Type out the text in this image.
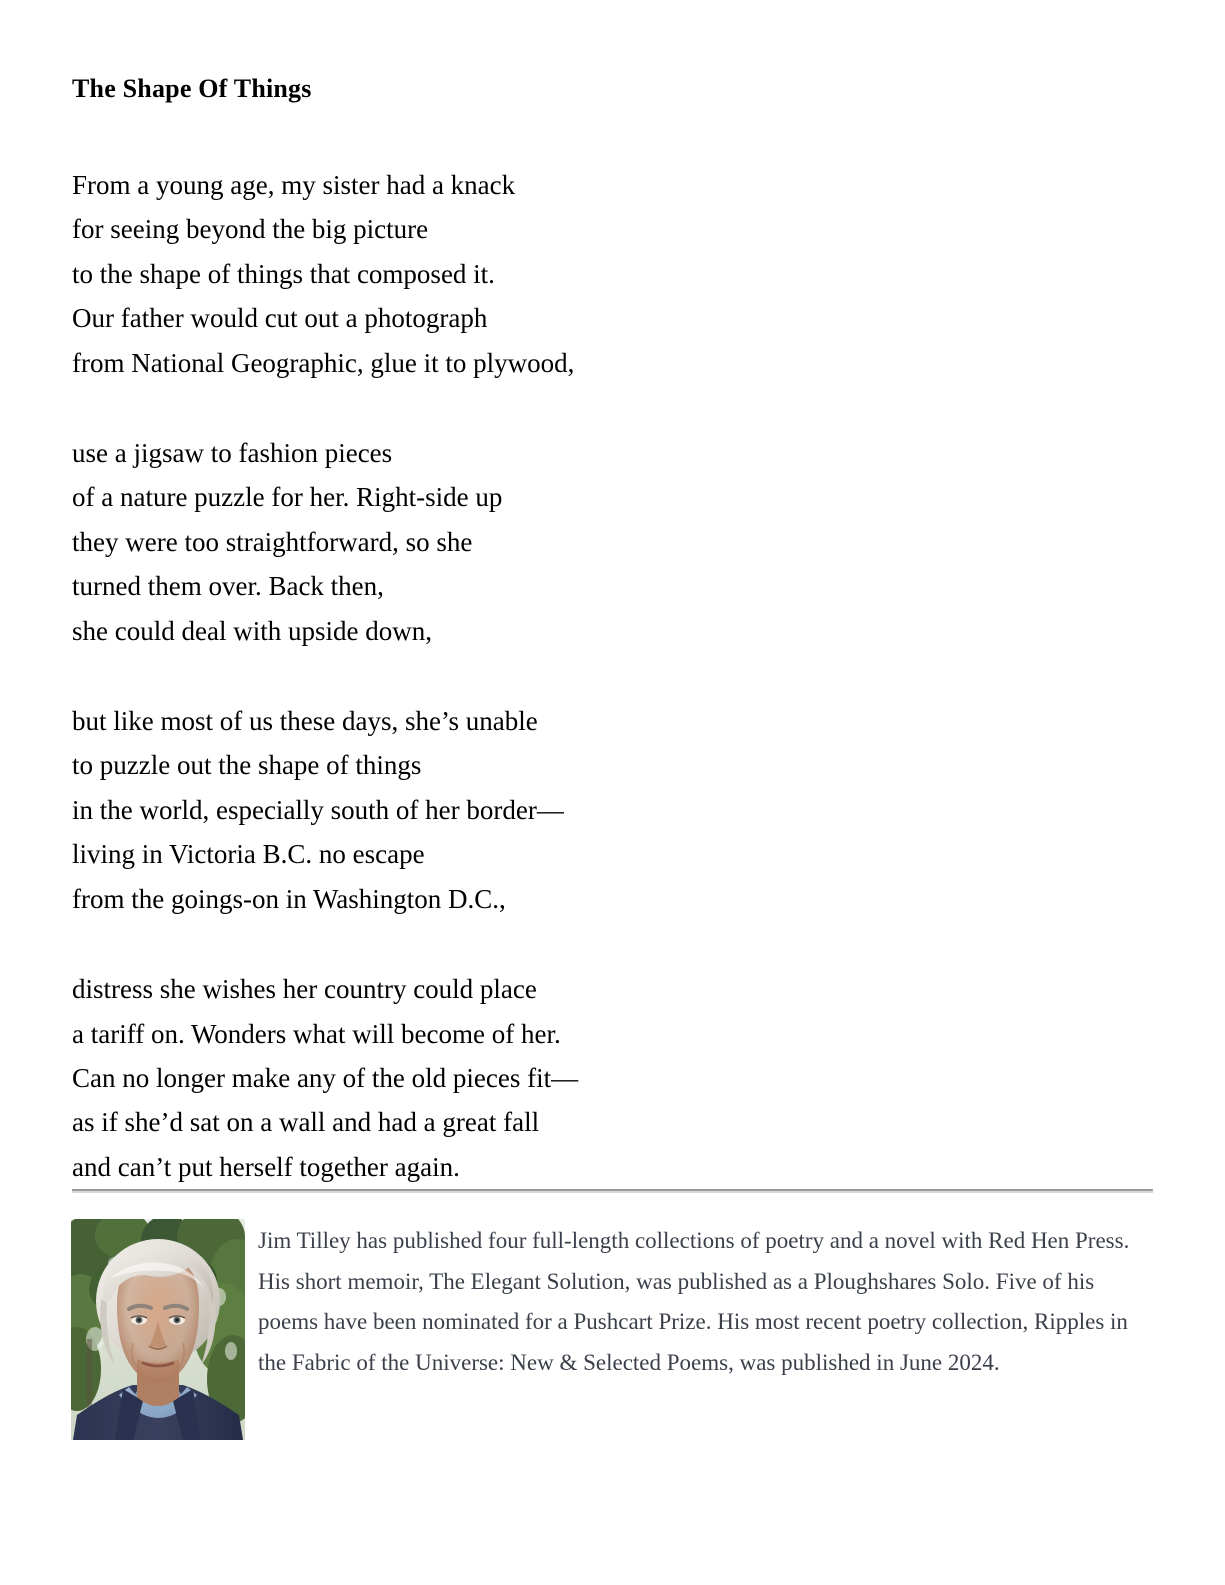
The Shape Of Things
From a young age, my sister had a knack
for seeing beyond the big picture
to the shape of things that composed it.
Our father would cut out a photograph
from National Geographic, glue it to plywood,
use a jigsaw to fashion pieces
of a nature puzzle for her. Right-side up
they were too straightforward, so she
turned them over. Back then,
she could deal with upside down,
but like most of us these days, she’s unable
to puzzle out the shape of things
in the world, especially south of her border—
living in Victoria B.C. no escape
from the goings-on in Washington D.C.,
distress she wishes her country could place
a tariff on. Wonders what will become of her.
Can no longer make any of the old pieces fit—
as if she’d sat on a wall and had a great fall
and can’t put herself together again.
Jim Tilley has published four full-length collections of poetry and a novel with Red Hen Press. His short memoir, The Elegant Solution, was published as a Ploughshares Solo. Five of his poems have been nominated for a Pushcart Prize. His most recent poetry collection, Ripples in the Fabric of the Universe: New & Selected Poems, was published in June 2024.
